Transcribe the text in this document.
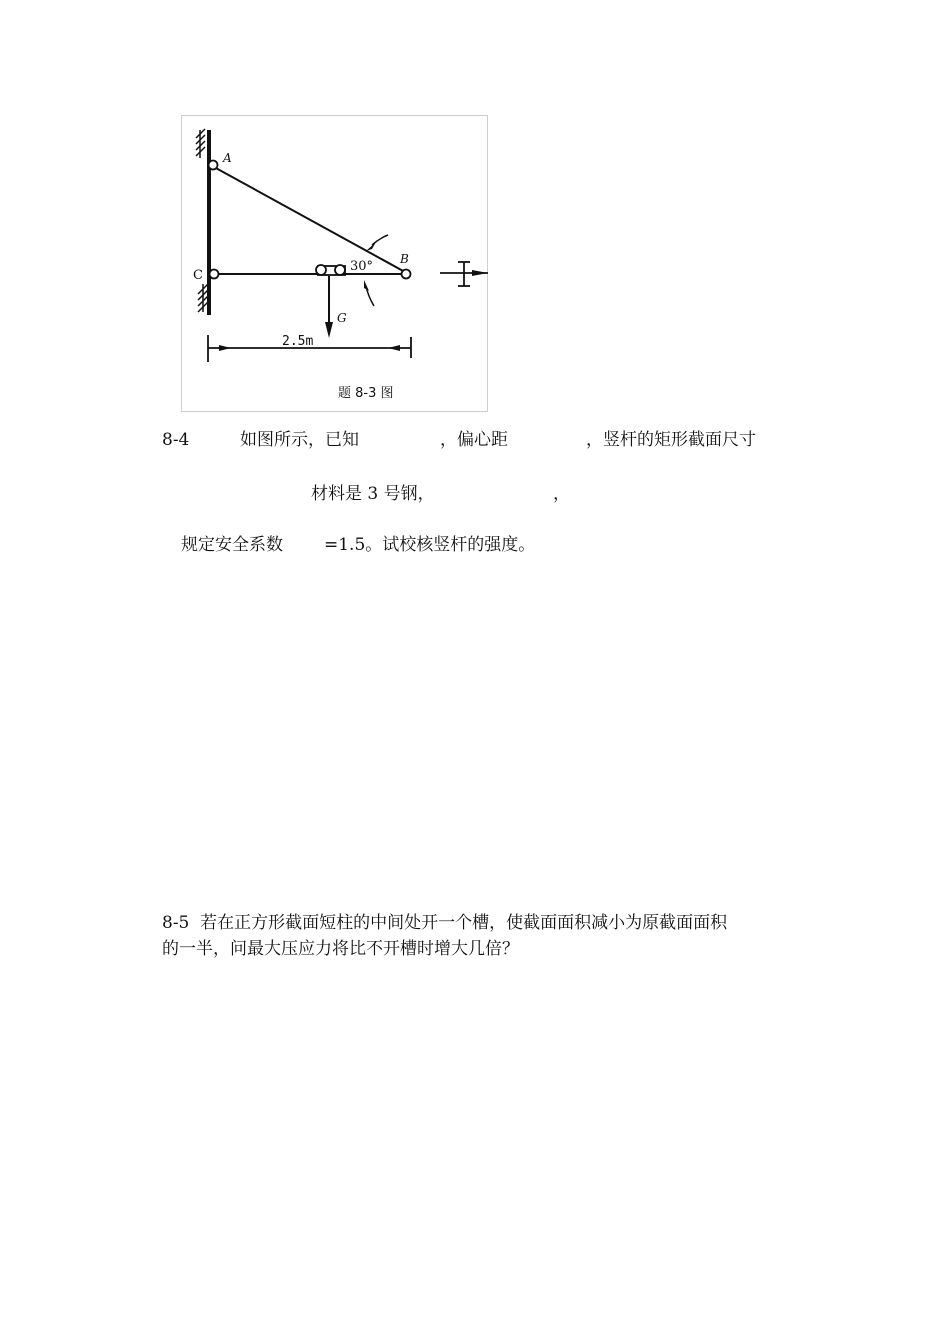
A
B
C
G
30°
2.5m
题 8-3 图
8-4	如图所示，已知	，偏心距	，竖杆的矩形截面尺寸
材料是 3 号钢，	，
规定安全系数 =1.5。试校核竖杆的强度。
8-5  若在正方形截面短柱的中间处开一个槽，使截面面积减小为原截面面积
的一半，问最大压应力将比不开槽时增大几倍？
